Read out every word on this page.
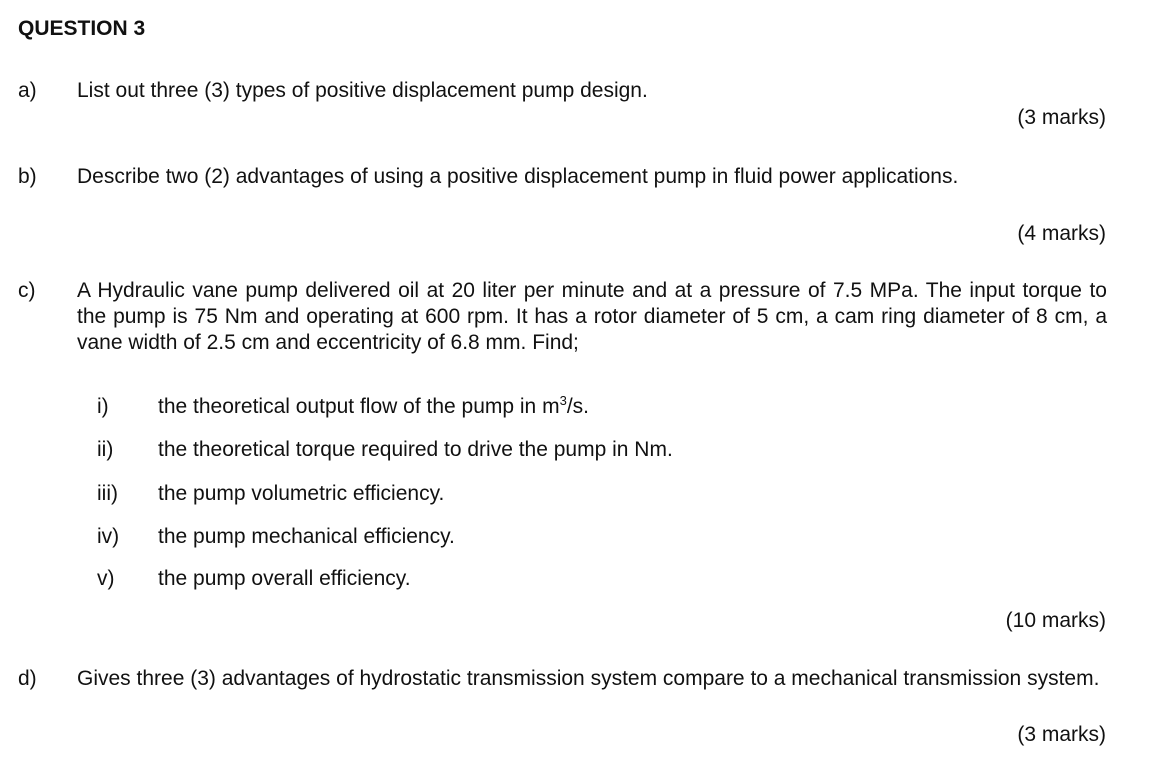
QUESTION 3
a) List out three (3) types of positive displacement pump design.
(3 marks)
b) Describe two (2) advantages of using a positive displacement pump in fluid power applications.
(4 marks)
c) A Hydraulic vane pump delivered oil at 20 liter per minute and at a pressure of 7.5 MPa. The input torque to the pump is 75 Nm and operating at 600 rpm. It has a rotor diameter of 5 cm, a cam ring diameter of 8 cm, a vane width of 2.5 cm and eccentricity of 6.8 mm. Find;
i) the theoretical output flow of the pump in $m^3/s$.
ii) the theoretical torque required to drive the pump in Nm.
iii) the pump volumetric efficiency.
iv) the pump mechanical efficiency.
v) the pump overall efficiency.
(10 marks)
d) Gives three (3) advantages of hydrostatic transmission system compare to a mechanical transmission system.
(3 marks)
